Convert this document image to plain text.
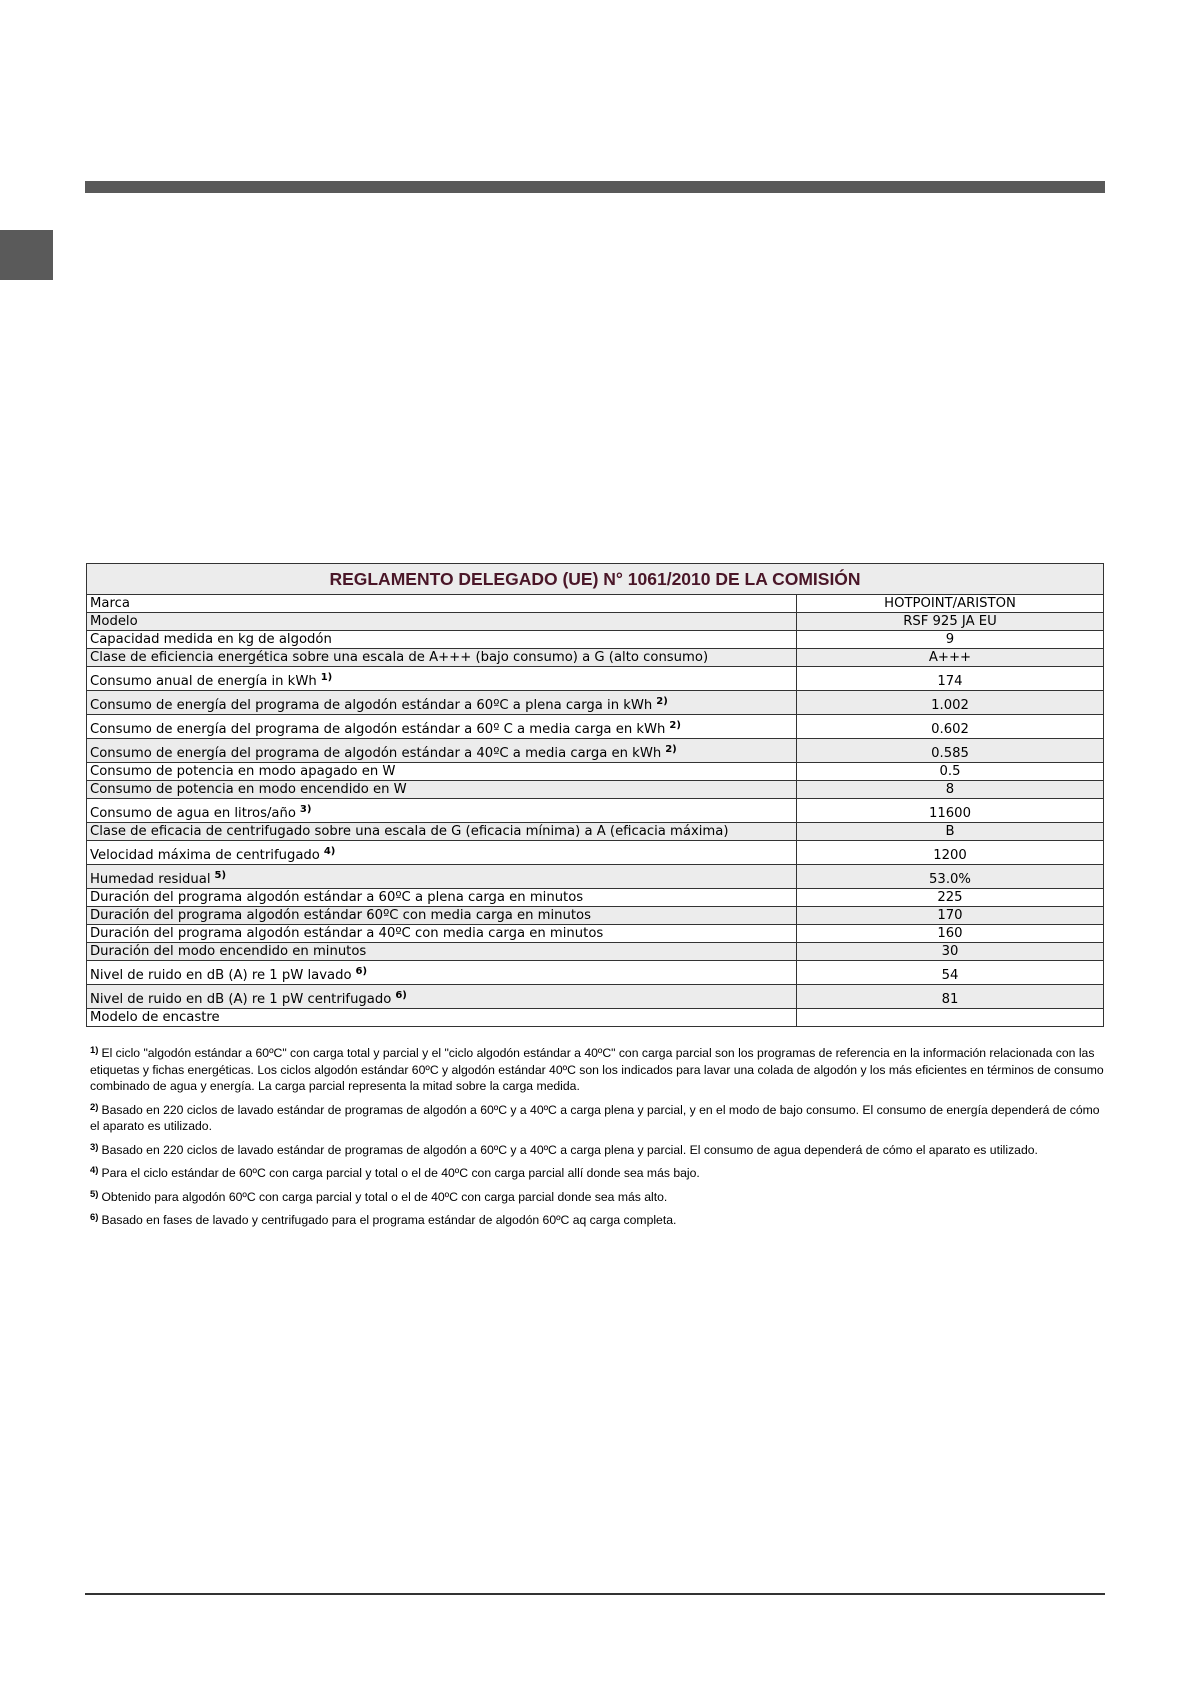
REGLAMENTO DELEGADO (UE) N° 1061/2010 DE LA COMISIÓN	
Marca	HOTPOINT/ARISTON
Modelo	RSF 925 JA EU
Capacidad medida en kg de algodón	9
Clase de eficiencia energética sobre una escala de A+++ (bajo consumo) a G (alto consumo)	A+++
Consumo anual de energía in kWh $^{1)}$	174
Consumo de energía del programa de algodón estándar a 60ºC a plena carga in kWh $^{2)}$	1.002
Consumo de energía del programa de algodón estándar a 60º C a media carga en kWh $^{2)}$	0.602
Consumo de energía del programa de algodón estándar a 40ºC a media carga en kWh $^{2)}$	0.585
Consumo de potencia en modo apagado en W	0.5
Consumo de potencia en modo encendido en W	8
Consumo de agua en litros/año $^{3)}$	11600
Clase de eficacia de centrifugado sobre una escala de G (eficacia mínima) a A (eficacia máxima)	B
Velocidad máxima de centrifugado $^{4)}$	1200
Humedad residual $^{5)}$	53.0%
Duración del programa algodón estándar a 60ºC a plena carga en minutos	225
Duración del programa algodón estándar 60ºC con media carga en minutos	170
Duración del programa algodón estándar a 40ºC con media carga en minutos	160
Duración del modo encendido en minutos	30
Nivel de ruido en dB (A) re 1 pW lavado $^{6)}$	54
Nivel de ruido en dB (A) re 1 pW centrifugado $^{6)}$	81
Modelo de encastre	
$^{1)}$ El ciclo "algodón estándar a 60ºC" con carga total y parcial y el "ciclo algodón estándar a 40ºC" con carga parcial son los programas de referencia en la información relacionada con las etiquetas y fichas energéticas. Los ciclos algodón estándar 60ºC y algodón estándar 40ºC son los indicados para lavar una colada de algodón y los más eficientes en términos de consumo combinado de agua y energía. La carga parcial representa la mitad sobre la carga medida.
$^{2)}$ Basado en 220 ciclos de lavado estándar de programas de algodón a 60ºC y a 40ºC a carga plena y parcial, y en el modo de bajo consumo. El consumo de energía dependerá de cómo el aparato es utilizado.
$^{3)}$ Basado en 220 ciclos de lavado estándar de programas de algodón a 60ºC y a 40ºC a carga plena y parcial. El consumo de agua dependerá de cómo el aparato es utilizado.
$^{4)}$ Para el ciclo estándar de 60ºC con carga parcial y total o el de 40ºC con carga parcial allí donde sea más bajo.
$^{5)}$ Obtenido para algodón 60ºC con carga parcial y total o el de 40ºC con carga parcial donde sea más alto.
$^{6)}$ Basado en fases de lavado y centrifugado para el programa estándar de algodón 60ºC aq carga completa.
